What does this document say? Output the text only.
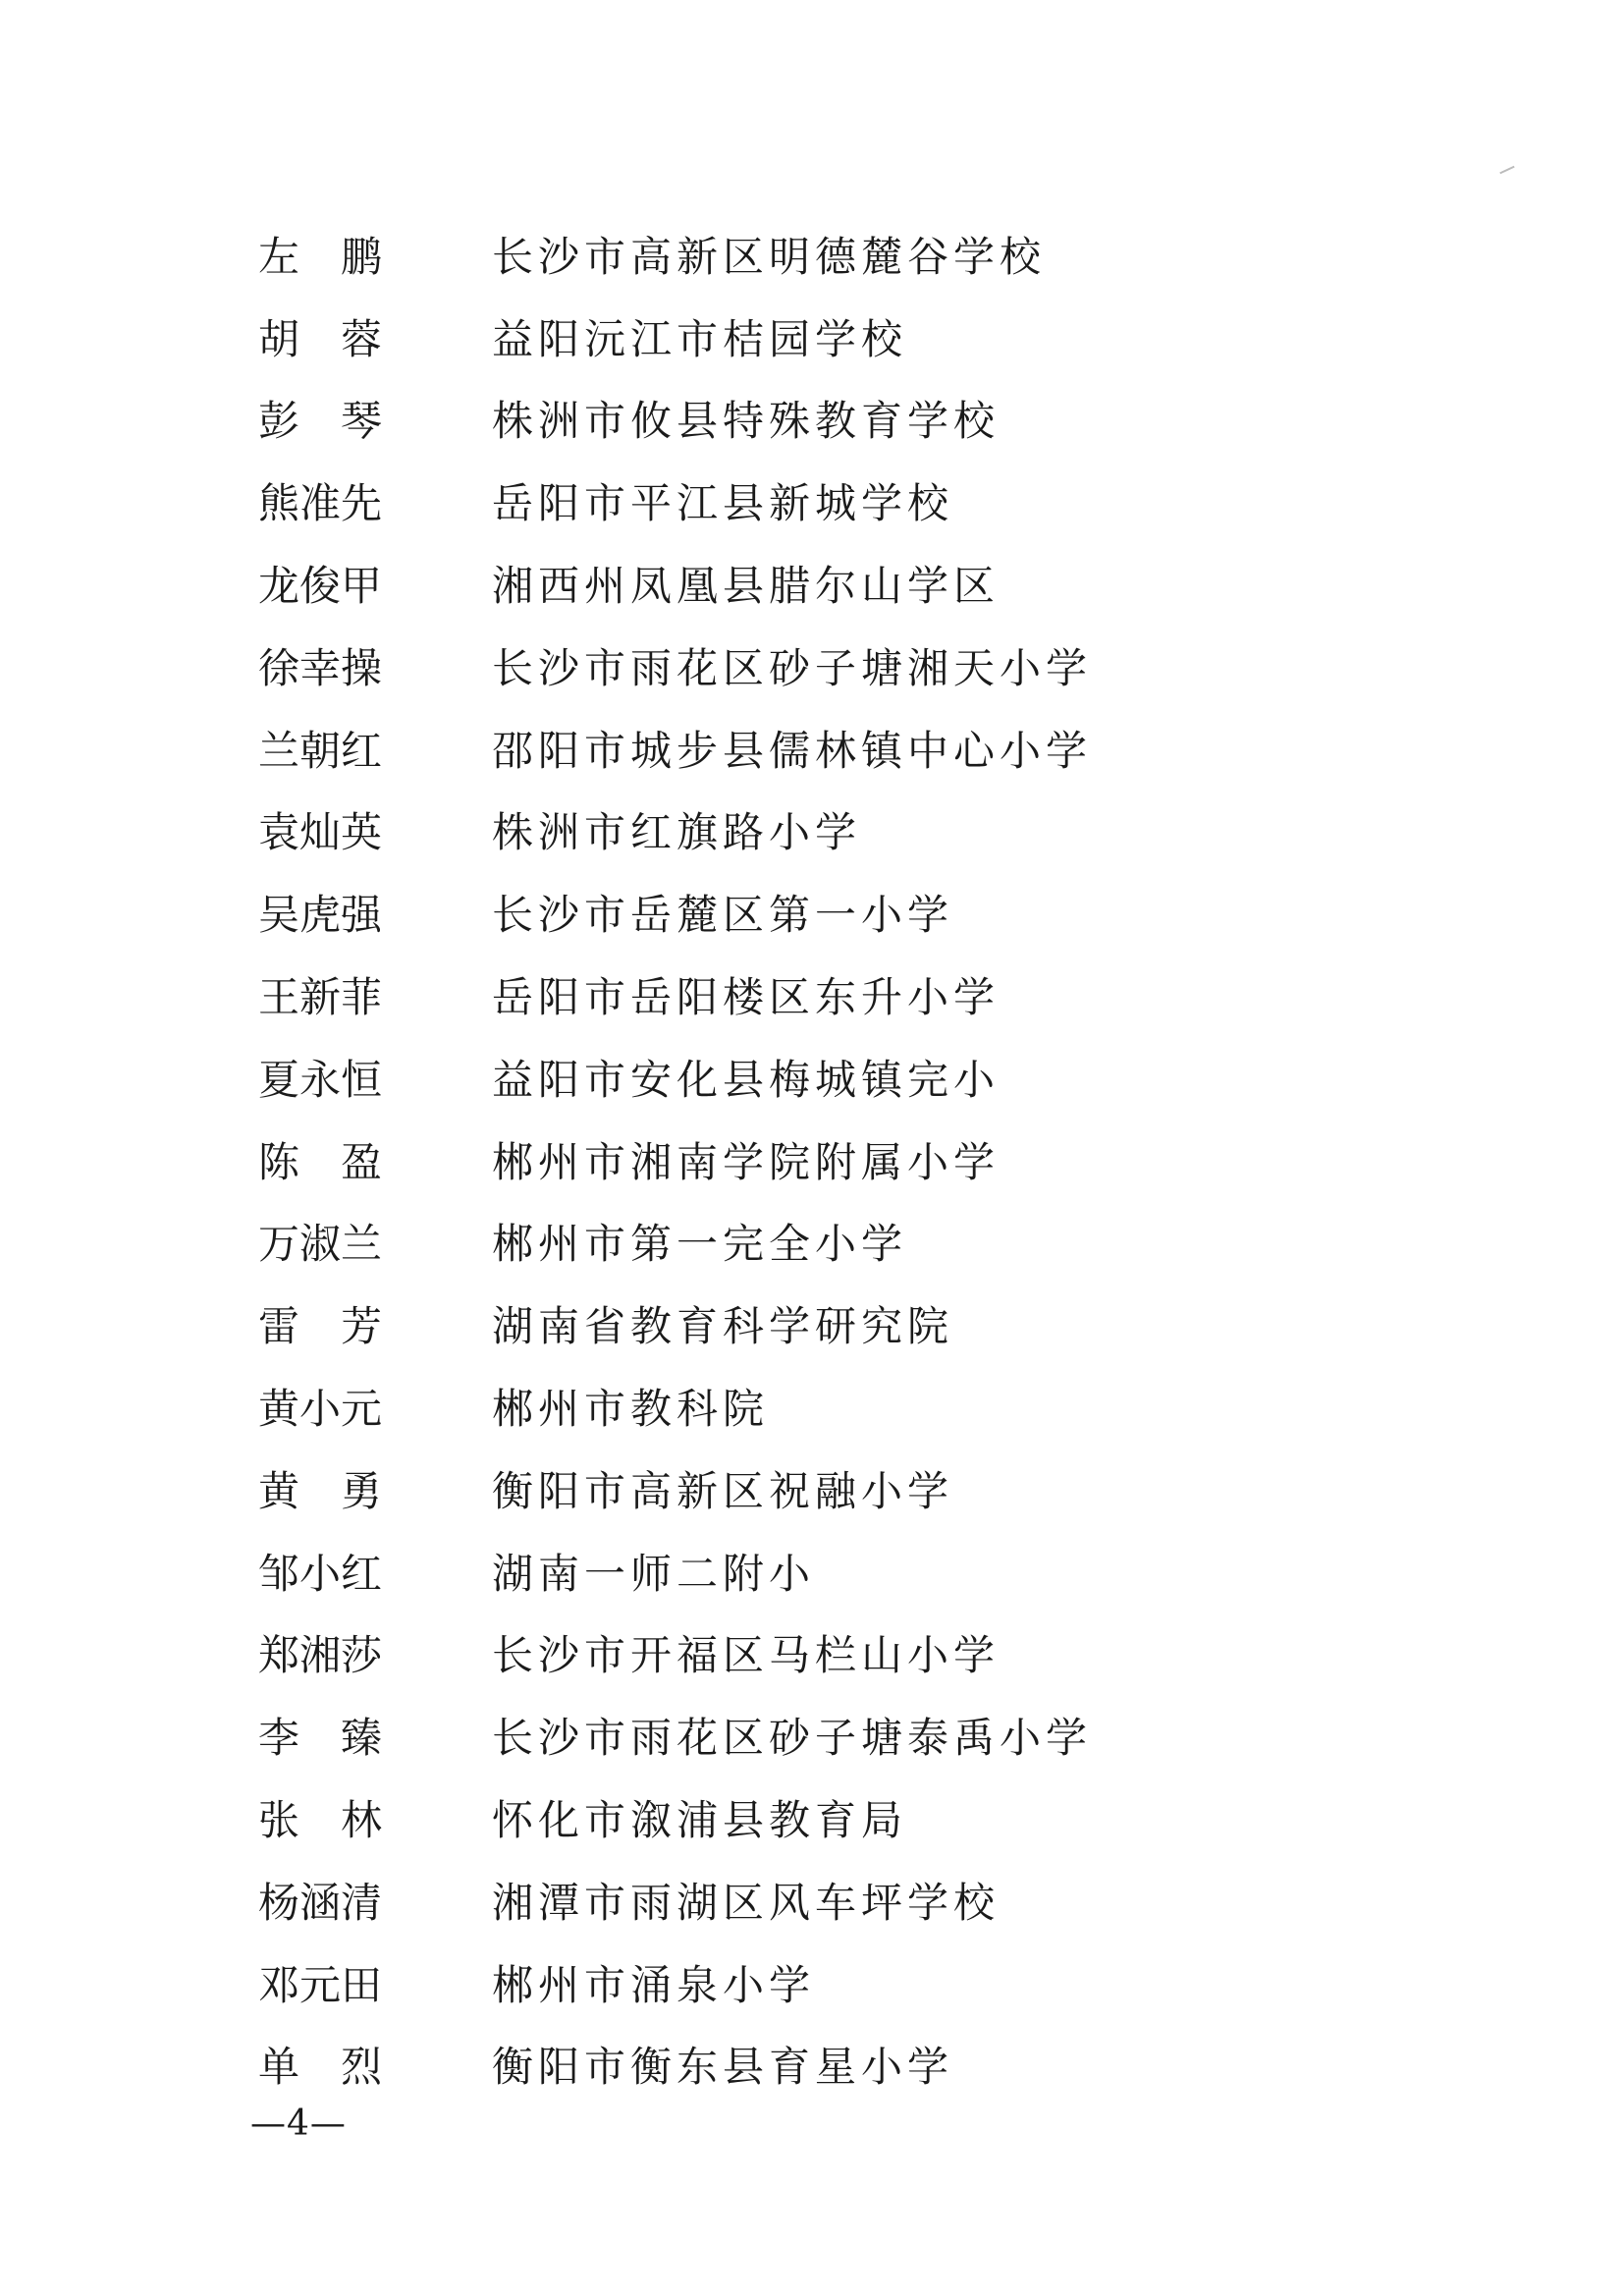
左　鹏	长沙市高新区明德麓谷学校
胡　蓉	益阳沅江市桔园学校
彭　琴	株洲市攸县特殊教育学校
熊准先	岳阳市平江县新城学校
龙俊甲	湘西州凤凰县腊尔山学区
徐幸操	长沙市雨花区砂子塘湘天小学
兰朝红	邵阳市城步县儒林镇中心小学
袁灿英	株洲市红旗路小学
吴虎强	长沙市岳麓区第一小学
王新菲	岳阳市岳阳楼区东升小学
夏永恒	益阳市安化县梅城镇完小
陈　盈	郴州市湘南学院附属小学
万淑兰	郴州市第一完全小学
雷　芳	湖南省教育科学研究院
黄小元	郴州市教科院
黄　勇	衡阳市高新区祝融小学
邹小红	湖南一师二附小
郑湘莎	长沙市开福区马栏山小学
李　臻	长沙市雨花区砂子塘泰禹小学
张　林	怀化市溆浦县教育局
杨涵清	湘潭市雨湖区风车坪学校
邓元田	郴州市涌泉小学
单　烈	衡阳市衡东县育星小学
—4—
